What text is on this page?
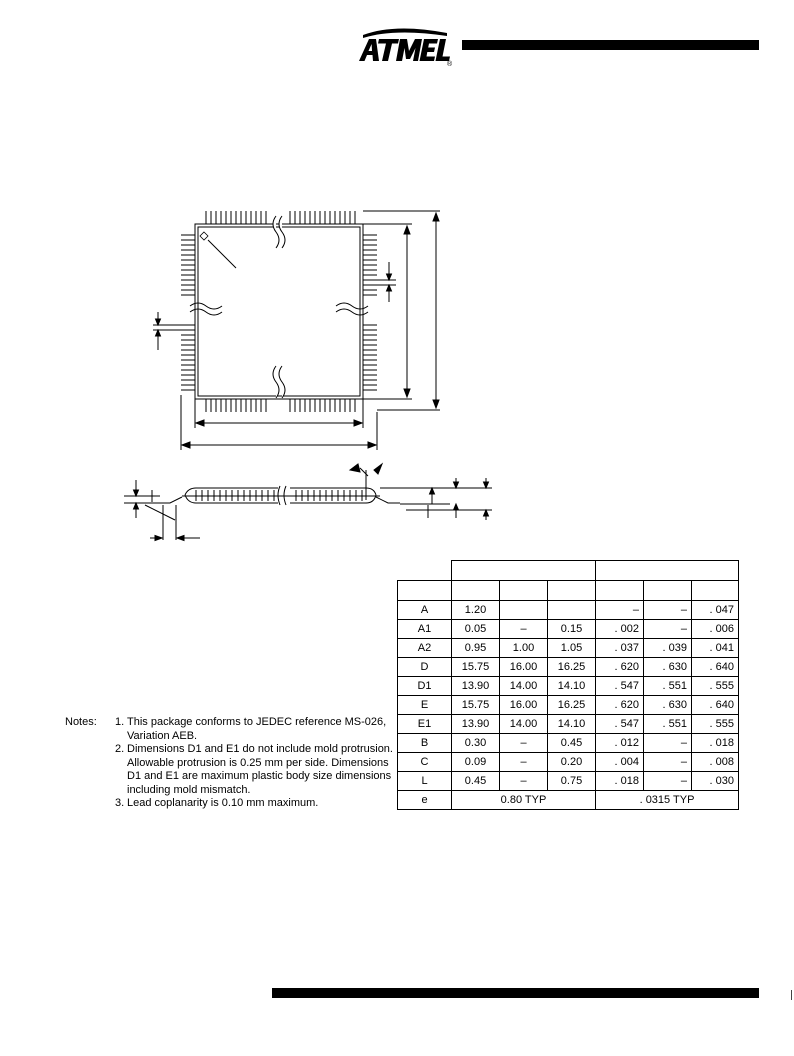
®
Notes: 1. This package conforms to JEDEC reference MS-026, Variation AEB.
2. Dimensions D1 and E1 do not include mold protrusion. Allowable protrusion is 0.25 mm per side. Dimensions D1 and E1 are maximum plastic body size dimensions including mold mismatch.
3. Lead coplanarity is 0.10 mm maximum.

A	1.20			–	–	. 047
A1	0.05	–	0.15	. 002	–	. 006
A2	0.95	1.00	1.05	. 037	. 039	. 041
D	15.75	16.00	16.25	. 620	. 630	. 640
D1	13.90	14.00	14.10	. 547	. 551	. 555
E	15.75	16.00	16.25	. 620	. 630	. 640
E1	13.90	14.00	14.10	. 547	. 551	. 555
B	0.30	–	0.45	. 012	–	. 018
C	0.09	–	0.20	. 004	–	. 008
L	0.45	–	0.75	. 018	–	. 030
e	0.80 TYP			. 0315 TYP		
